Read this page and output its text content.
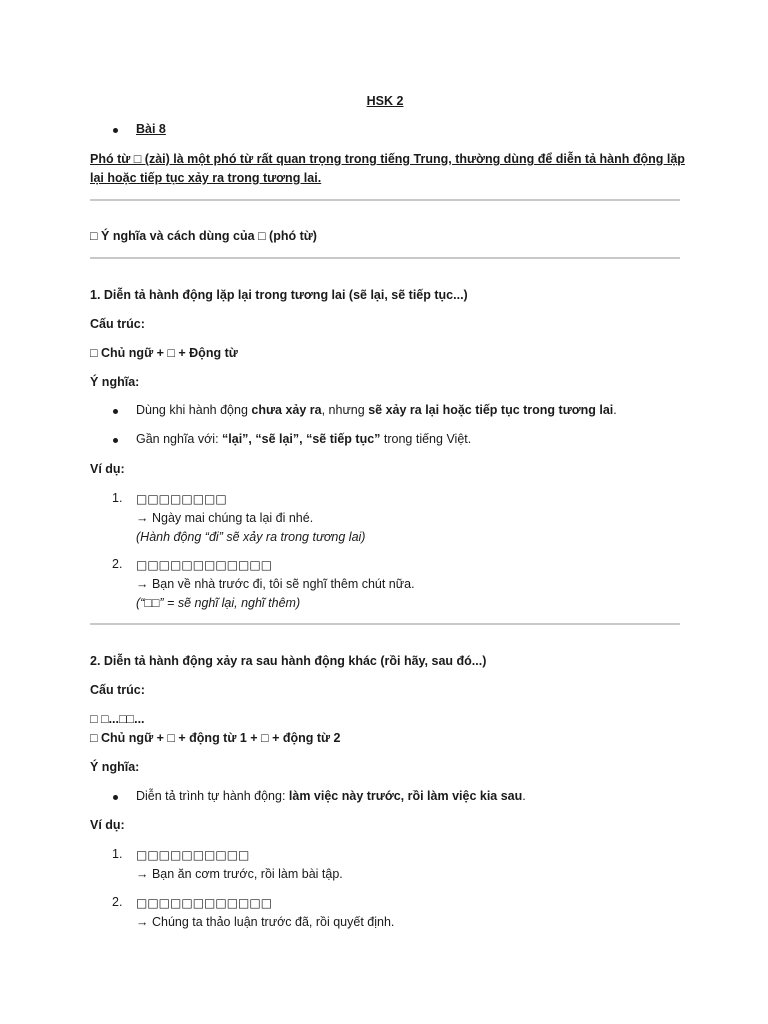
HSK 2
Bài 8
Phó từ □ (zài) là một phó từ rất quan trọng trong tiếng Trung, thường dùng để diễn tả hành động lặp
lại hoặc tiếp tục xảy ra trong tương lai.
□ Ý nghĩa và cách dùng của □ (phó từ)
1. Diễn tả hành động lặp lại trong tương lai (sẽ lại, sẽ tiếp tục...)
Cấu trúc:
□ Chủ ngữ + □ + Động từ
Ý nghĩa:
Dùng khi hành động chưa xảy ra, nhưng sẽ xảy ra lại hoặc tiếp tục trong tương lai.
Gần nghĩa với: “lại”, “sẽ lại”, “sẽ tiếp tục” trong tiếng Việt.
Ví dụ:
1. □□□□□□□□
→ Ngày mai chúng ta lại đi nhé.
(Hành động “đi” sẽ xảy ra trong tương lai)
2. □□□□□□□□□□□□
→ Bạn về nhà trước đi, tôi sẽ nghĩ thêm chút nữa.
(“□□” = sẽ nghĩ lại, nghĩ thêm)
2. Diễn tả hành động xảy ra sau hành động khác (rồi hãy, sau đó...)
Cấu trúc:
□ □...□□...
□ Chủ ngữ + □ + động từ 1 + □ + động từ 2
Ý nghĩa:
Diễn tả trình tự hành động: làm việc này trước, rồi làm việc kia sau.
Ví dụ:
1. □□□□□□□□□□
→ Bạn ăn cơm trước, rồi làm bài tập.
2. □□□□□□□□□□□□
→ Chúng ta thảo luận trước đã, rồi quyết định.
